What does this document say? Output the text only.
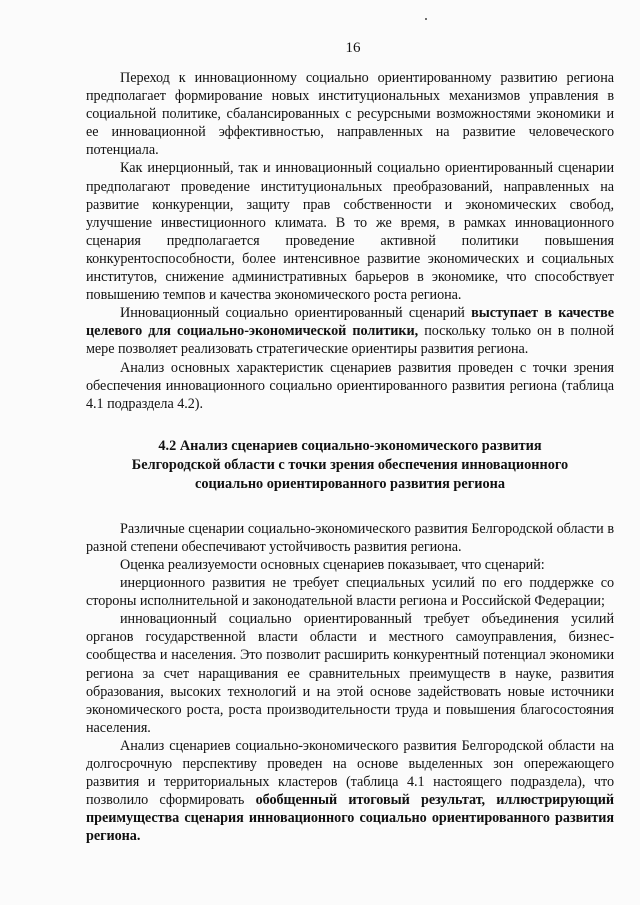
16

Переход к инновационному социально ориентированному развитию региона предполагает формирование новых институциональных механизмов управления в социальной политике, сбалансированных с ресурсными возможностями экономики и ее инновационной эффективностью, направленных на развитие человеческого потенциала.

Как инерционный, так и инновационный социально ориентированный сценарии предполагают проведение институциональных преобразований, направленных на развитие конкуренции, защиту прав собственности и экономических свобод, улучшение инвестиционного климата. В то же время, в рамках инновационного сценария предполагается проведение активной политики повышения конкурентоспособности, более интенсивное развитие экономических и социальных институтов, снижение административных барьеров в экономике, что способствует повышению темпов и качества экономического роста региона.

Инновационный социально ориентированный сценарий выступает в качестве целевого для социально-экономической политики, поскольку только он в полной мере позволяет реализовать стратегические ориентиры развития региона.

Анализ основных характеристик сценариев развития проведен с точки зрения обеспечения инновационного социально ориентированного развития региона (таблица 4.1 подраздела 4.2).

4.2 Анализ сценариев социально-экономического развития
Белгородской области с точки зрения обеспечения инновационного
социально ориентированного развития региона

Различные сценарии социально-экономического развития Белгородской области в разной степени обеспечивают устойчивость развития региона.

Оценка реализуемости основных сценариев показывает, что сценарий:

инерционного развития не требует специальных усилий по его поддержке со стороны исполнительной и законодательной власти региона и Российской Федерации;

инновационный социально ориентированный требует объединения усилий органов государственной власти области и местного самоуправления, бизнес-сообщества и населения. Это позволит расширить конкурентный потенциал экономики региона за счет наращивания ее сравнительных преимуществ в науке, развития образования, высоких технологий и на этой основе задействовать новые источники экономического роста, роста производительности труда и повышения благосостояния населения.

Анализ сценариев социально-экономического развития Белгородской области на долгосрочную перспективу проведен на основе выделенных зон опережающего развития и территориальных кластеров (таблица 4.1 настоящего подраздела), что позволило сформировать обобщенный итоговый результат, иллюстрирующий преимущества сценария инновационного социально ориентированного развития региона.
